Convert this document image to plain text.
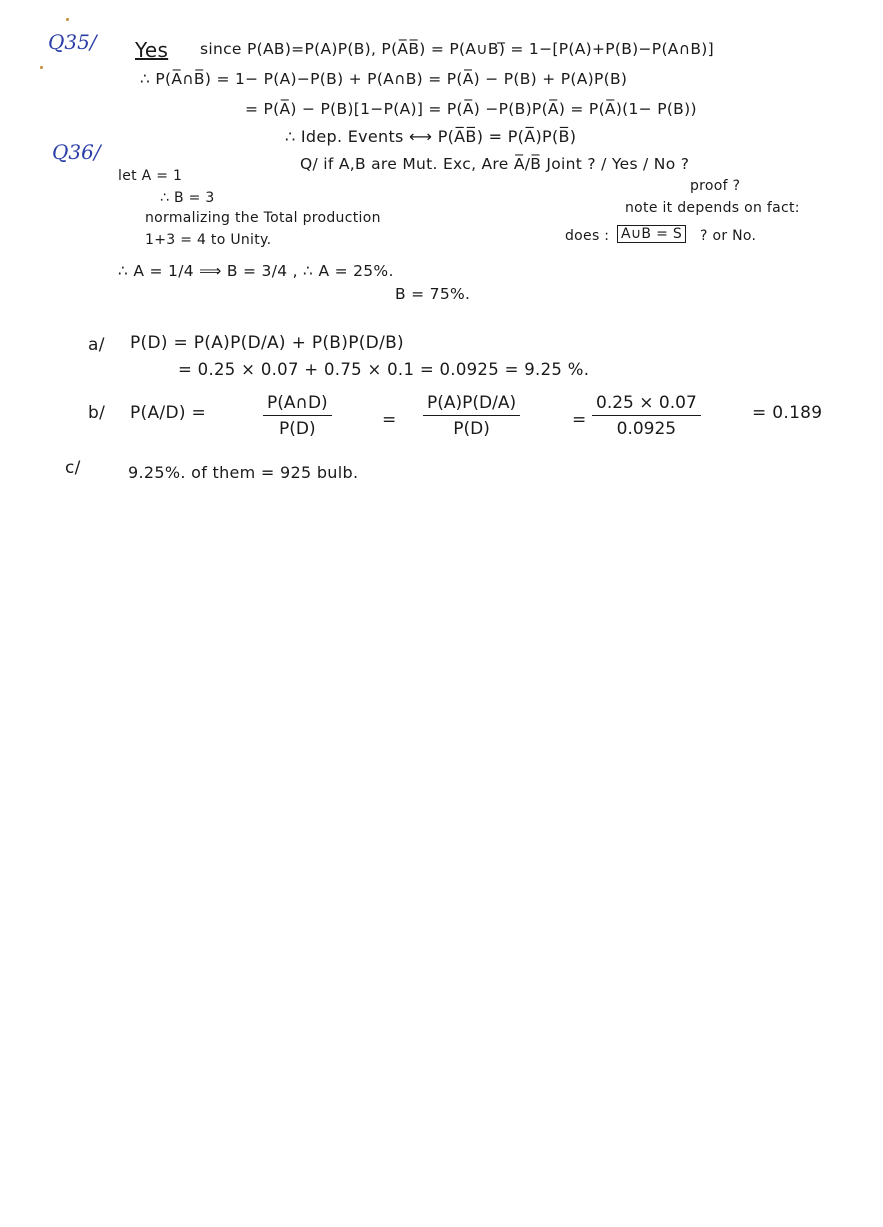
Q35/ Yes since P(AB)=P(A)P(B), P(A̅B̅) = P(A∪B)̅ = 1−[P(A)+P(B)−P(A∩B)]
∴ P(A̅∩B̅) = 1− P(A)−P(B) + P(A∩B) = P(A̅) − P(B) + P(A)P(B)
= P(A̅) − P(B)[1−P(A)] = P(A̅) −P(B)P(A̅) = P(A̅)(1− P(B))
∴ Idep. Events ⟷ P(A̅B̅) = P(A̅)P(B̅)
Q/ if A,B are Mut. Exc, Are A̅/B̅ Joint ? / Yes / No ?
proof ?
note it depends on fact:
does : A∪B = S ? or No.
Q36/
let A = 1
∴ B = 3
normalizing the Total production
1+3 = 4 to Unity.
∴ A = 1/4 ⟹ B = 3/4 , ∴ A = 25%.
B = 75%.
a/ P(D) = P(A)P(D/A) + P(B)P(D/B)
= 0.25 × 0.07 + 0.75 × 0.1 = 0.0925 = 9.25 %.
b/ P(A/D) =	P(A∩D)
P(D)	=
P(A)P(D/A)
P(D)	=
0.25 × 0.07
0.0925
= 0.189
c/	9.25%. of them = 925 bulb.
